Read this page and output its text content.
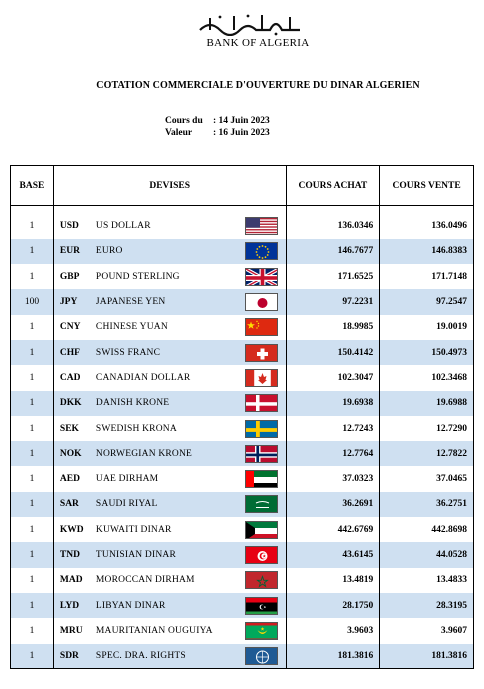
BANK OF ALGERIA
COTATION COMMERCIALE D'OUVERTURE DU DINAR ALGERIEN
Cours du	: 14 Juin 2023
Valeur	: 16 Juin 2023
BASE	DEVISES	COURS ACHAT	COURS VENTE

1	USD US DOLLAR	136.0346	136.0496
1	EUR EURO	146.7677	146.8383
1	GBP POUND STERLING	171.6525	171.7148
100	JPY JAPANESE YEN	97.2231	97.2547
1	CNY CHINESE YUAN	18.9985	19.0019
1	CHF SWISS FRANC	150.4142	150.4973
1	CAD CANADIAN DOLLAR	102.3047	102.3468
1	DKK DANISH KRONE	19.6938	19.6988
1	SEK SWEDISH KRONA	12.7243	12.7290
1	NOK NORWEGIAN KRONE	12.7764	12.7822
1	AED UAE DIRHAM	37.0323	37.0465
1	SAR SAUDI RIYAL	36.2691	36.2751
1	KWD KUWAITI DINAR	442.6769	442.8698
1	TND TUNISIAN DINAR	43.6145	44.0528
1	MAD MOROCCAN DIRHAM	13.4819	13.4833
1	LYD LIBYAN DINAR	28.1750	28.3195
1	MRU MAURITANIAN OUGUIYA	3.9603	3.9607
1	SDR SPEC. DRA. RIGHTS	181.3816	181.3816
